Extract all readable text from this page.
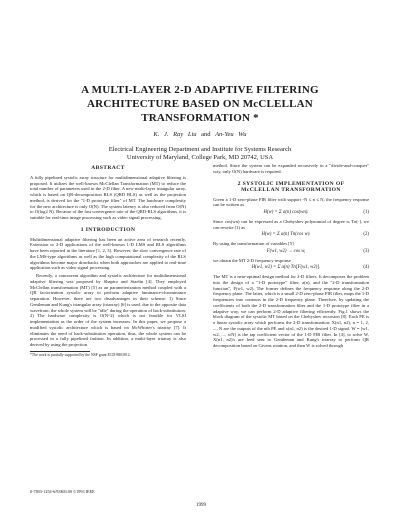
A MULTI-LAYER 2-D ADAPTIVE FILTERING
ARCHITECTURE BASED ON McCLELLAN
TRANSFORMATION *
K. J. Ray Liu and An-Yeu Wu
Electrical Engineering Department and Institute for Systems Research
University of Maryland, College Park, MD 20742, USA
ABSTRACT

A fully pipelined systolic array structure for multidimensional adaptive filtering is proposed. It utilizes the well-known McClellan Transformation (MT) to reduce the total number of parameters used in the 2-D filter. A new multi-layer triangular array, which is based on QR-decomposition RLS (QRD RLS) as well as the projection method, is derived for the "1-D prototype filter" of MT. The hardware complexity for the new architecture is only O(N). The system latency is also reduced from O(N) to O(log2 N). Because of the fast convergence rate of the QRD-RLS algorithms, it is suitable for real-time image processing such as video signal processing.

1 INTRODUCTION

Multidimensional adaptive filtering has been an active area of research recently. Extension to 2-D applications of the well-known 1-D LMS and RLS algorithms have been reported in the literature [1, 2, 3]. However, the slow convergence rate of the LMS-type algorithms as well as the high computational complexity of the RLS algorithms become major drawbacks when both approaches are applied to real-time application such as video signal processing.

Recently, a concurrent algorithm and systolic architecture for multidimensional adaptive filtering was proposed by Shapiro and Staelin [4]. They employed McClellan transformation (MT) [5] as an parameterization method coupled with a QR factorization systolic array to perform adaptive luminance-chrominance separation. However, there are two disadvantages in their scheme: 1) Since Gentleman and Kung's triangular array (triarray) [6] is used, due to the opposite data wavefront, the whole system will be "idle" during the operation of back-substitution. 2) The hardware complexity is O(N^2) which is not feasible for VLSI implementation as the order of the system increases. In this paper, we propose a modified systolic architecture which is based on McWhirter's triarray [7]. It eliminates the need of back-substitution operation, thus, the whole system can be processed in a fully pipelined fashion. In addition, a multi-layer triarray is also derived by using the projection

*The work is partially supported by the NSF grant ECD-8803012.

method. Since the system can be expanded recursively in a "divide-and-conquer" way, only O(N) hardware is required.

2 SYSTOLIC IMPLEMENTATION OF
McCLELLAN TRANSFORMATION

Given a 1-D zero-phase FIR filter with support -N ≤ n ≤ N, the frequency response can be written as

H(w) = Σ a(n) cos(wn).	(1)

Since cos(wn) can be expressed as a Chebyshev polynomial of degree n, Tn[·], we can rewrite (1) as

H(w) = Σ a(n) Tn(cos w).	(2)

By using the transformation of variables [5]

F(w1, w2) → cos w,	(3)

we obtain the MT 2-D frequency response

H(w1, w2) = Σ a(n) Tn[F(w1, w2)].	(4)

The MT is a near-optimal design method for 2-D filters. It decomposes the problem into the design of a "1-D prototype" filter, a(n), and the "2-D transformation function", F(w1, w2). The former defines the frequency response along the 2-D frequency plane. The latter, which is a small 2-D zero-phase FIR filter, maps the 1-D frequencies into contours in the 2-D frequency plane. Therefore, by updating the coefficients of both the 2-D transformation filter and the 1-D prototype filter in a adaptive way, we can perform 2-D adaptive filtering efficiently. Fig.1 shows the block diagram of the systolic MT based on the Chebyshev recursion [8]. Each PE is a linear systolic array which performs the 2-D transformation: X(n1, n2), n = 1, 2, ..., N are the outputs of the nth PE and x(n1, n2) is the desired 1-D signal. W = [w1, w2, ..., wN] is the tap coefficient vector of the 1-D FIR filter. In [4], to solve W, X(n1, n2)'s are feed sent to Gentleman and Kung's triarray to perform QR decomposition based on Givens rotation, and then W is solved through

0-7803-1254-6/93$03.00 ©1993 IEEE
1999
